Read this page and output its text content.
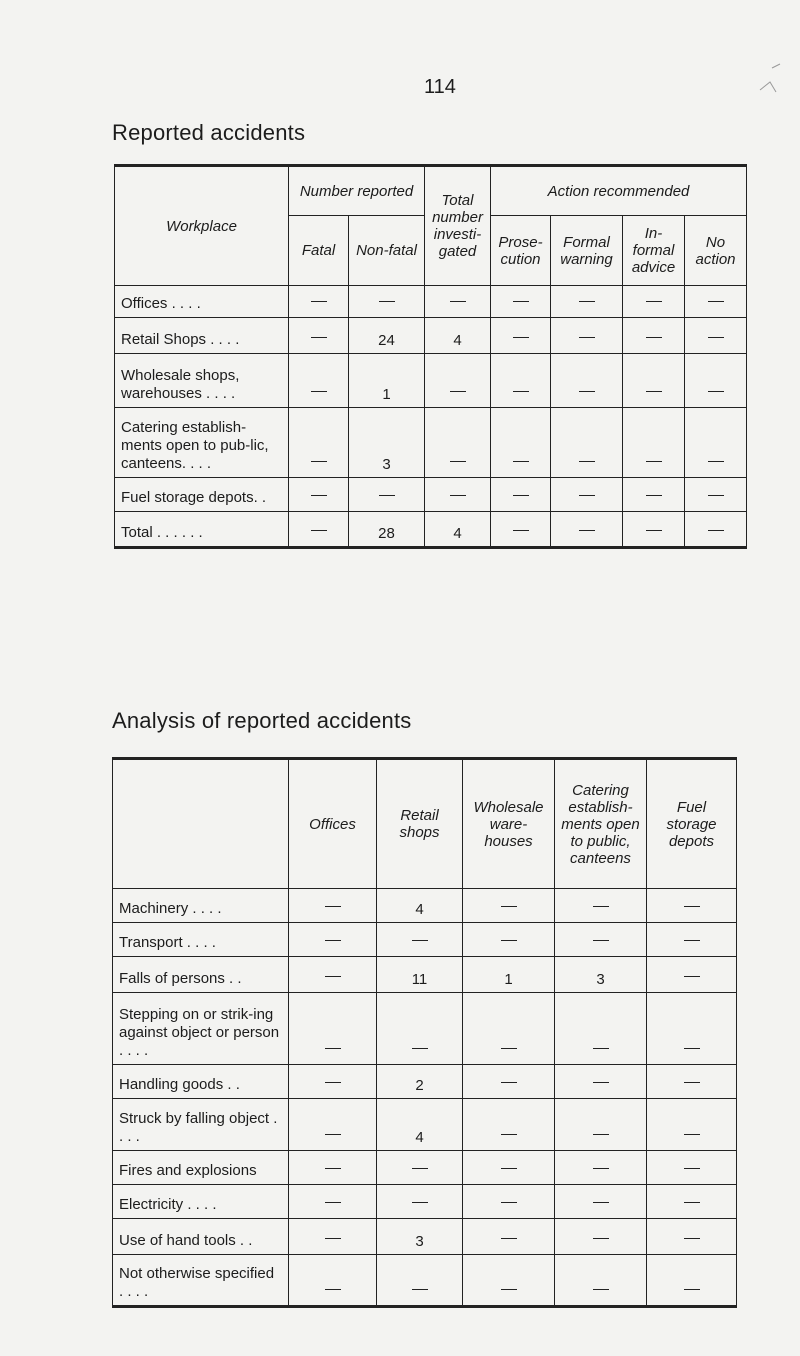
114
Reported accidents
Workplace	Number reported		Total number investi-gated	Action recommended			
	Fatal	Non-fatal		Prose-cution	Formal warning	In-formal advice	No action
Offices . . . .							
Retail Shops . . . .		24	4				
Wholesale shops, warehouses . . . .		1					
Catering establish-ments open to pub-lic, canteens. . . .		3					
Fuel storage depots. .							
Total . . . . . .		28	4				
Analysis of reported accidents
	Offices	Retail shops	Wholesale ware-houses	Catering establish-ments open to public, canteens	Fuel storage depots
Machinery . . . .		4			
Transport . . . .					
Falls of persons . .		11	1	3	
Stepping on or strik-ing against object or person . . . .					
Handling goods . .		2			
Struck by falling object . . . .		4			
Fires and explosions					
Electricity . . . .					
Use of hand tools . .		3			
Not otherwise specified . . . .					
